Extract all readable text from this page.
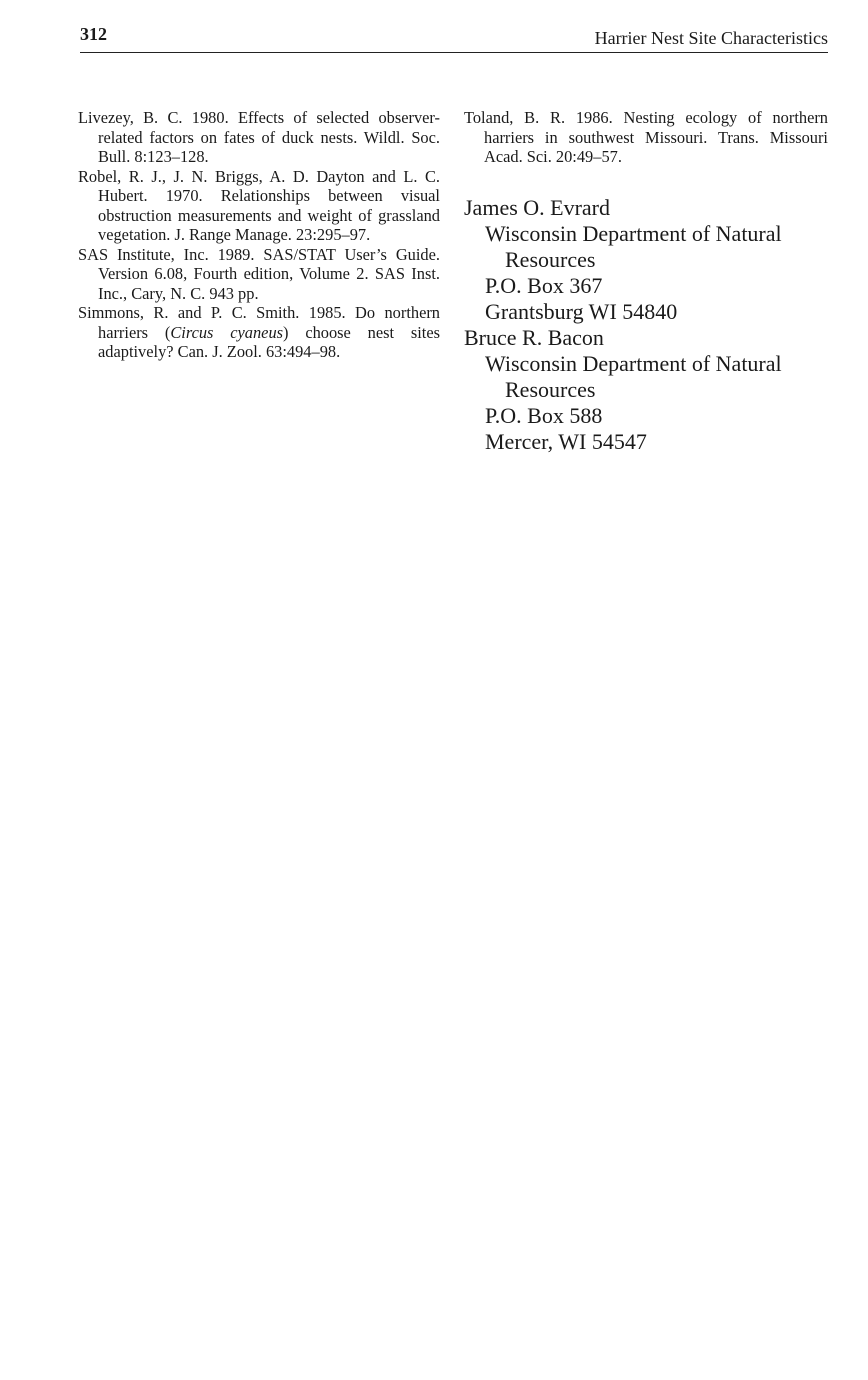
312	Harrier Nest Site Characteristics

Livezey, B. C. 1980. Effects of selected observer-related factors on fates of duck nests. Wildl. Soc. Bull. 8:123–128.

Robel, R. J., J. N. Briggs, A. D. Dayton and L. C. Hubert. 1970. Relationships between visual obstruction measurements and weight of grassland vegetation. J. Range Manage. 23:295–97.

SAS Institute, Inc. 1989. SAS/STAT User’s Guide. Version 6.08, Fourth edition, Volume 2. SAS Inst. Inc., Cary, N. C. 943 pp.

Simmons, R. and P. C. Smith. 1985. Do northern harriers (Circus cyaneus) choose nest sites adaptively? Can. J. Zool. 63:494–98.

Toland, B. R. 1986. Nesting ecology of northern harriers in southwest Missouri. Trans. Missouri Acad. Sci. 20:49–57.

James O. Evrard

Wisconsin Department of Natural Resources

P.O. Box 367

Grantsburg WI 54840

Bruce R. Bacon

Wisconsin Department of Natural Resources

P.O. Box 588

Mercer, WI 54547
